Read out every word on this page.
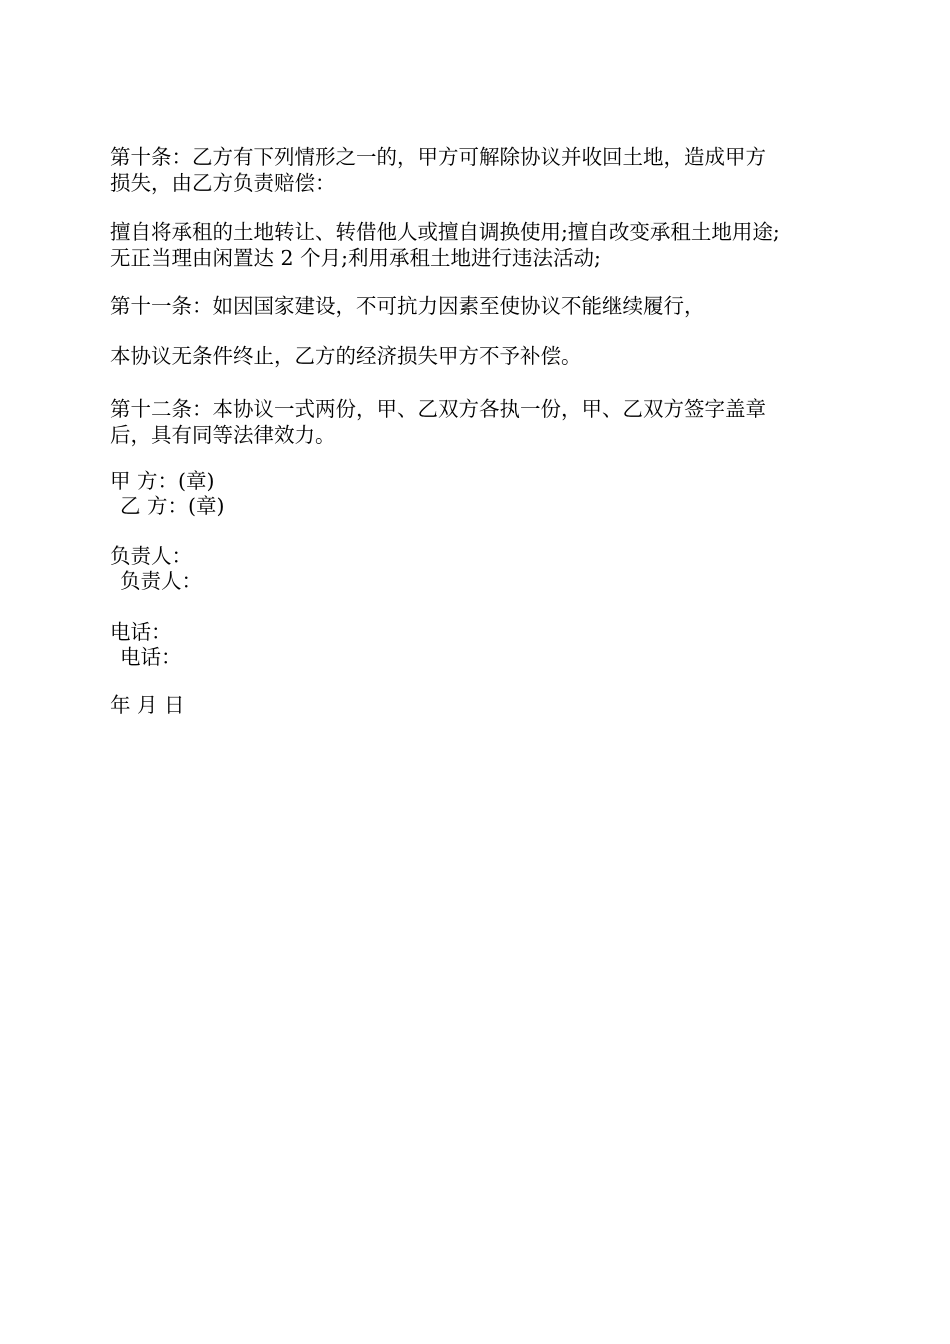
第十条：乙方有下列情形之一的，甲方可解除协议并收回土地，造成甲方
损失，由乙方负责赔偿：
擅自将承租的土地转让、转借他人或擅自调换使用;擅自改变承租土地用途;
无正当理由闲置达 2 个月;利用承租土地进行违法活动;
第十一条：如因国家建设，不可抗力因素至使协议不能继续履行，
本协议无条件终止，乙方的经济损失甲方不予补偿。
第十二条：本协议一式两份，甲、乙双方各执一份，甲、乙双方签字盖章
后，具有同等法律效力。
甲 方：(章)
乙 方：(章)
负责人：
负责人：
电话：
电话：
年 月 日
